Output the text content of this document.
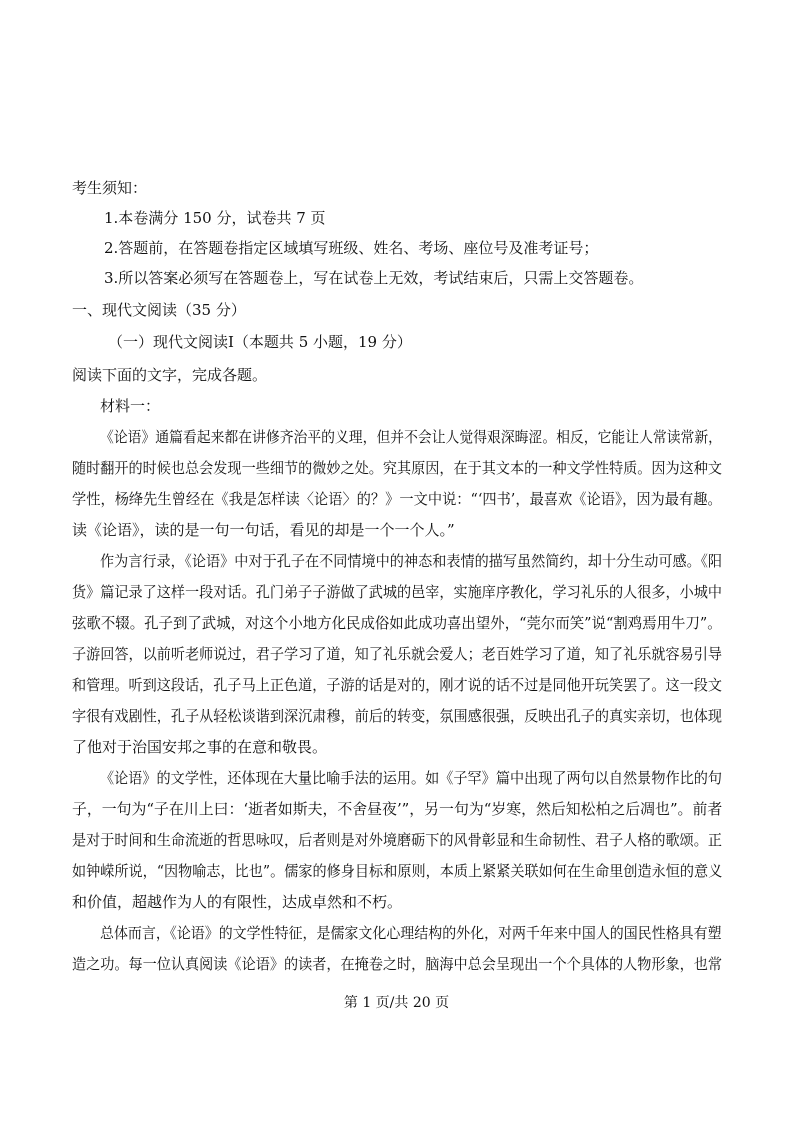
考生须知：
1.本卷满分 150 分，试卷共 7 页
2.答题前，在答题卷指定区域填写班级、姓名、考场、座位号及准考证号；
3.所以答案必须写在答题卷上，写在试卷上无效，考试结束后，只需上交答题卷。
一、现代文阅读（35 分）
（一）现代文阅读Ⅰ（本题共 5 小题，19 分）
阅读下面的文字，完成各题。
材料一：
《论语》通篇看起来都在讲修齐治平的义理，但并不会让人觉得艰深晦涩。相反，它能让人常读常新，
随时翻开的时候也总会发现一些细节的微妙之处。究其原因，在于其文本的一种文学性特质。因为这种文
学性，杨绛先生曾经在《我是怎样读〈论语〉的？》一文中说：“‘四书’，最喜欢《论语》，因为最有趣。
读《论语》，读的是一句一句话，看见的却是一个一个人。”
作为言行录，《论语》中对于孔子在不同情境中的神态和表情的描写虽然简约，却十分生动可感。《阳
货》篇记录了这样一段对话。孔门弟子子游做了武城的邑宰，实施庠序教化，学习礼乐的人很多，小城中
弦歌不辍。孔子到了武城，对这个小地方化民成俗如此成功喜出望外，“莞尔而笑”说“割鸡焉用牛刀”。
子游回答，以前听老师说过，君子学习了道，知了礼乐就会爱人；老百姓学习了道，知了礼乐就容易引导
和管理。听到这段话，孔子马上正色道，子游的话是对的，刚才说的话不过是同他开玩笑罢了。这一段文
字很有戏剧性，孔子从轻松谈谐到深沉肃穆，前后的转变，氛围感很强，反映出孔子的真实亲切，也体现
了他对于治国安邦之事的在意和敬畏。
《论语》的文学性，还体现在大量比喻手法的运用。如《子罕》篇中出现了两句以自然景物作比的句
子，一句为“子在川上曰：‘逝者如斯夫，不舍昼夜’”，另一句为“岁寒，然后知松柏之后凋也”。前者
是对于时间和生命流逝的哲思咏叹，后者则是对外境磨砺下的风骨彰显和生命韧性、君子人格的歌颂。正
如钟嵘所说，“因物喻志，比也”。儒家的修身目标和原则，本质上紧紧关联如何在生命里创造永恒的意义
和价值，超越作为人的有限性，达成卓然和不朽。
总体而言，《论语》的文学性特征，是儒家文化心理结构的外化，对两千年来中国人的国民性格具有塑
造之功。每一位认真阅读《论语》的读者，在掩卷之时，脑海中总会呈现出一个个具体的人物形象，也常
第 1 页/共 20 页
